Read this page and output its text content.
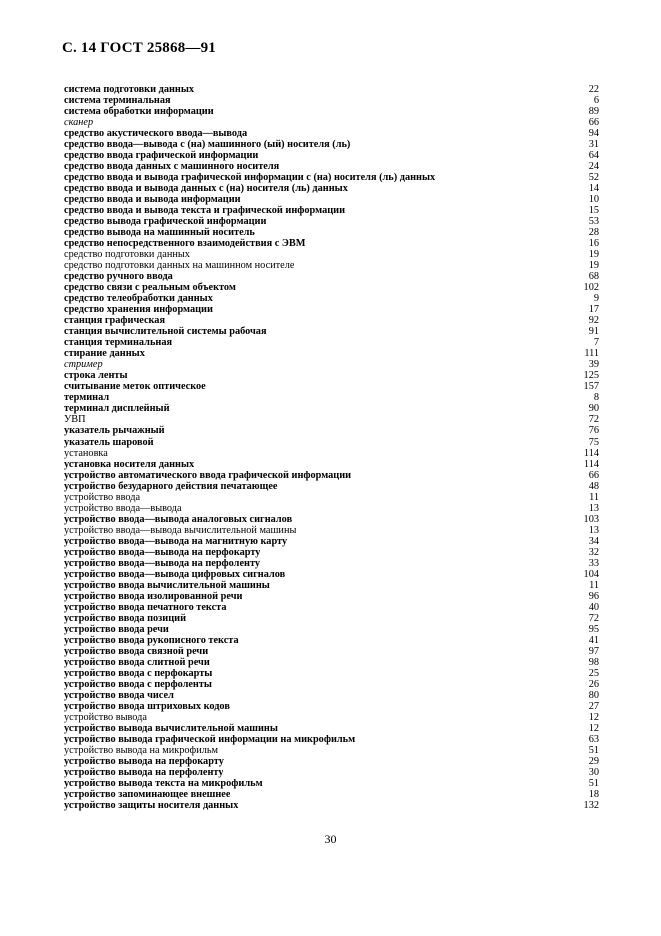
С. 14 ГОСТ 25868—91
система подготовки данных	22
система терминальная	6
система обработки информации	89
сканер	66
средство акустического ввода—вывода	94
средство ввода—вывода с (на) машинного (ый) носителя (ль)	31
средство ввода графической информации	64
средство ввода данных с машинного носителя	24
средство ввода и вывода графической информации с (на) носителя (ль) данных	52
средство ввода и вывода данных с (на) носителя (ль) данных	14
средство ввода и вывода информации	10
средство ввода и вывода текста и графической информации	15
средство вывода графической информации	53
средство вывода на машинный носитель	28
средство непосредственного взаимодействия с ЭВМ	16
средство подготовки данных	19
средство подготовки данных на машинном носителе	19
средство ручного ввода	68
средство связи с реальным объектом	102
средство телеобработки данных	9
средство хранения информации	17
станция графическая	92
станция вычислительной системы рабочая	91
станция терминальная	7
стирание данных	111
стример	39
строка ленты	125
считывание меток оптическое	157
терминал	8
терминал дисплейный	90
УВП	72
указатель рычажный	76
указатель шаровой	75
установка	114
установка носителя данных	114
устройство автоматического ввода графической информации	66
устройство безударного действия печатающее	48
устройство ввода	11
устройство ввода—вывода	13
устройство ввода—вывода аналоговых сигналов	103
устройство ввода—вывода вычислительной машины	13
устройство ввода—вывода на магнитную карту	34
устройство ввода—вывода на перфокарту	32
устройство ввода—вывода на перфоленту	33
устройство ввода—вывода цифровых сигналов	104
устройство ввода вычислительной машины	11
устройство ввода изолированной речи	96
устройство ввода печатного текста	40
устройство ввода позиций	72
устройство ввода речи	95
устройство ввода рукописного текста	41
устройство ввода связной речи	97
устройство ввода слитной речи	98
устройство ввода с перфокарты	25
устройство ввода с перфоленты	26
устройство ввода чисел	80
устройство ввода штриховых кодов	27
устройство вывода	12
устройство вывода вычислительной машины	12
устройство вывода графической информации на микрофильм	63
устройство вывода на микрофильм	51
устройство вывода на перфокарту	29
устройство вывода на перфоленту	30
устройство вывода текста на микрофильм	51
устройство запоминающее внешнее	18
устройство защиты носителя данных	132
30
